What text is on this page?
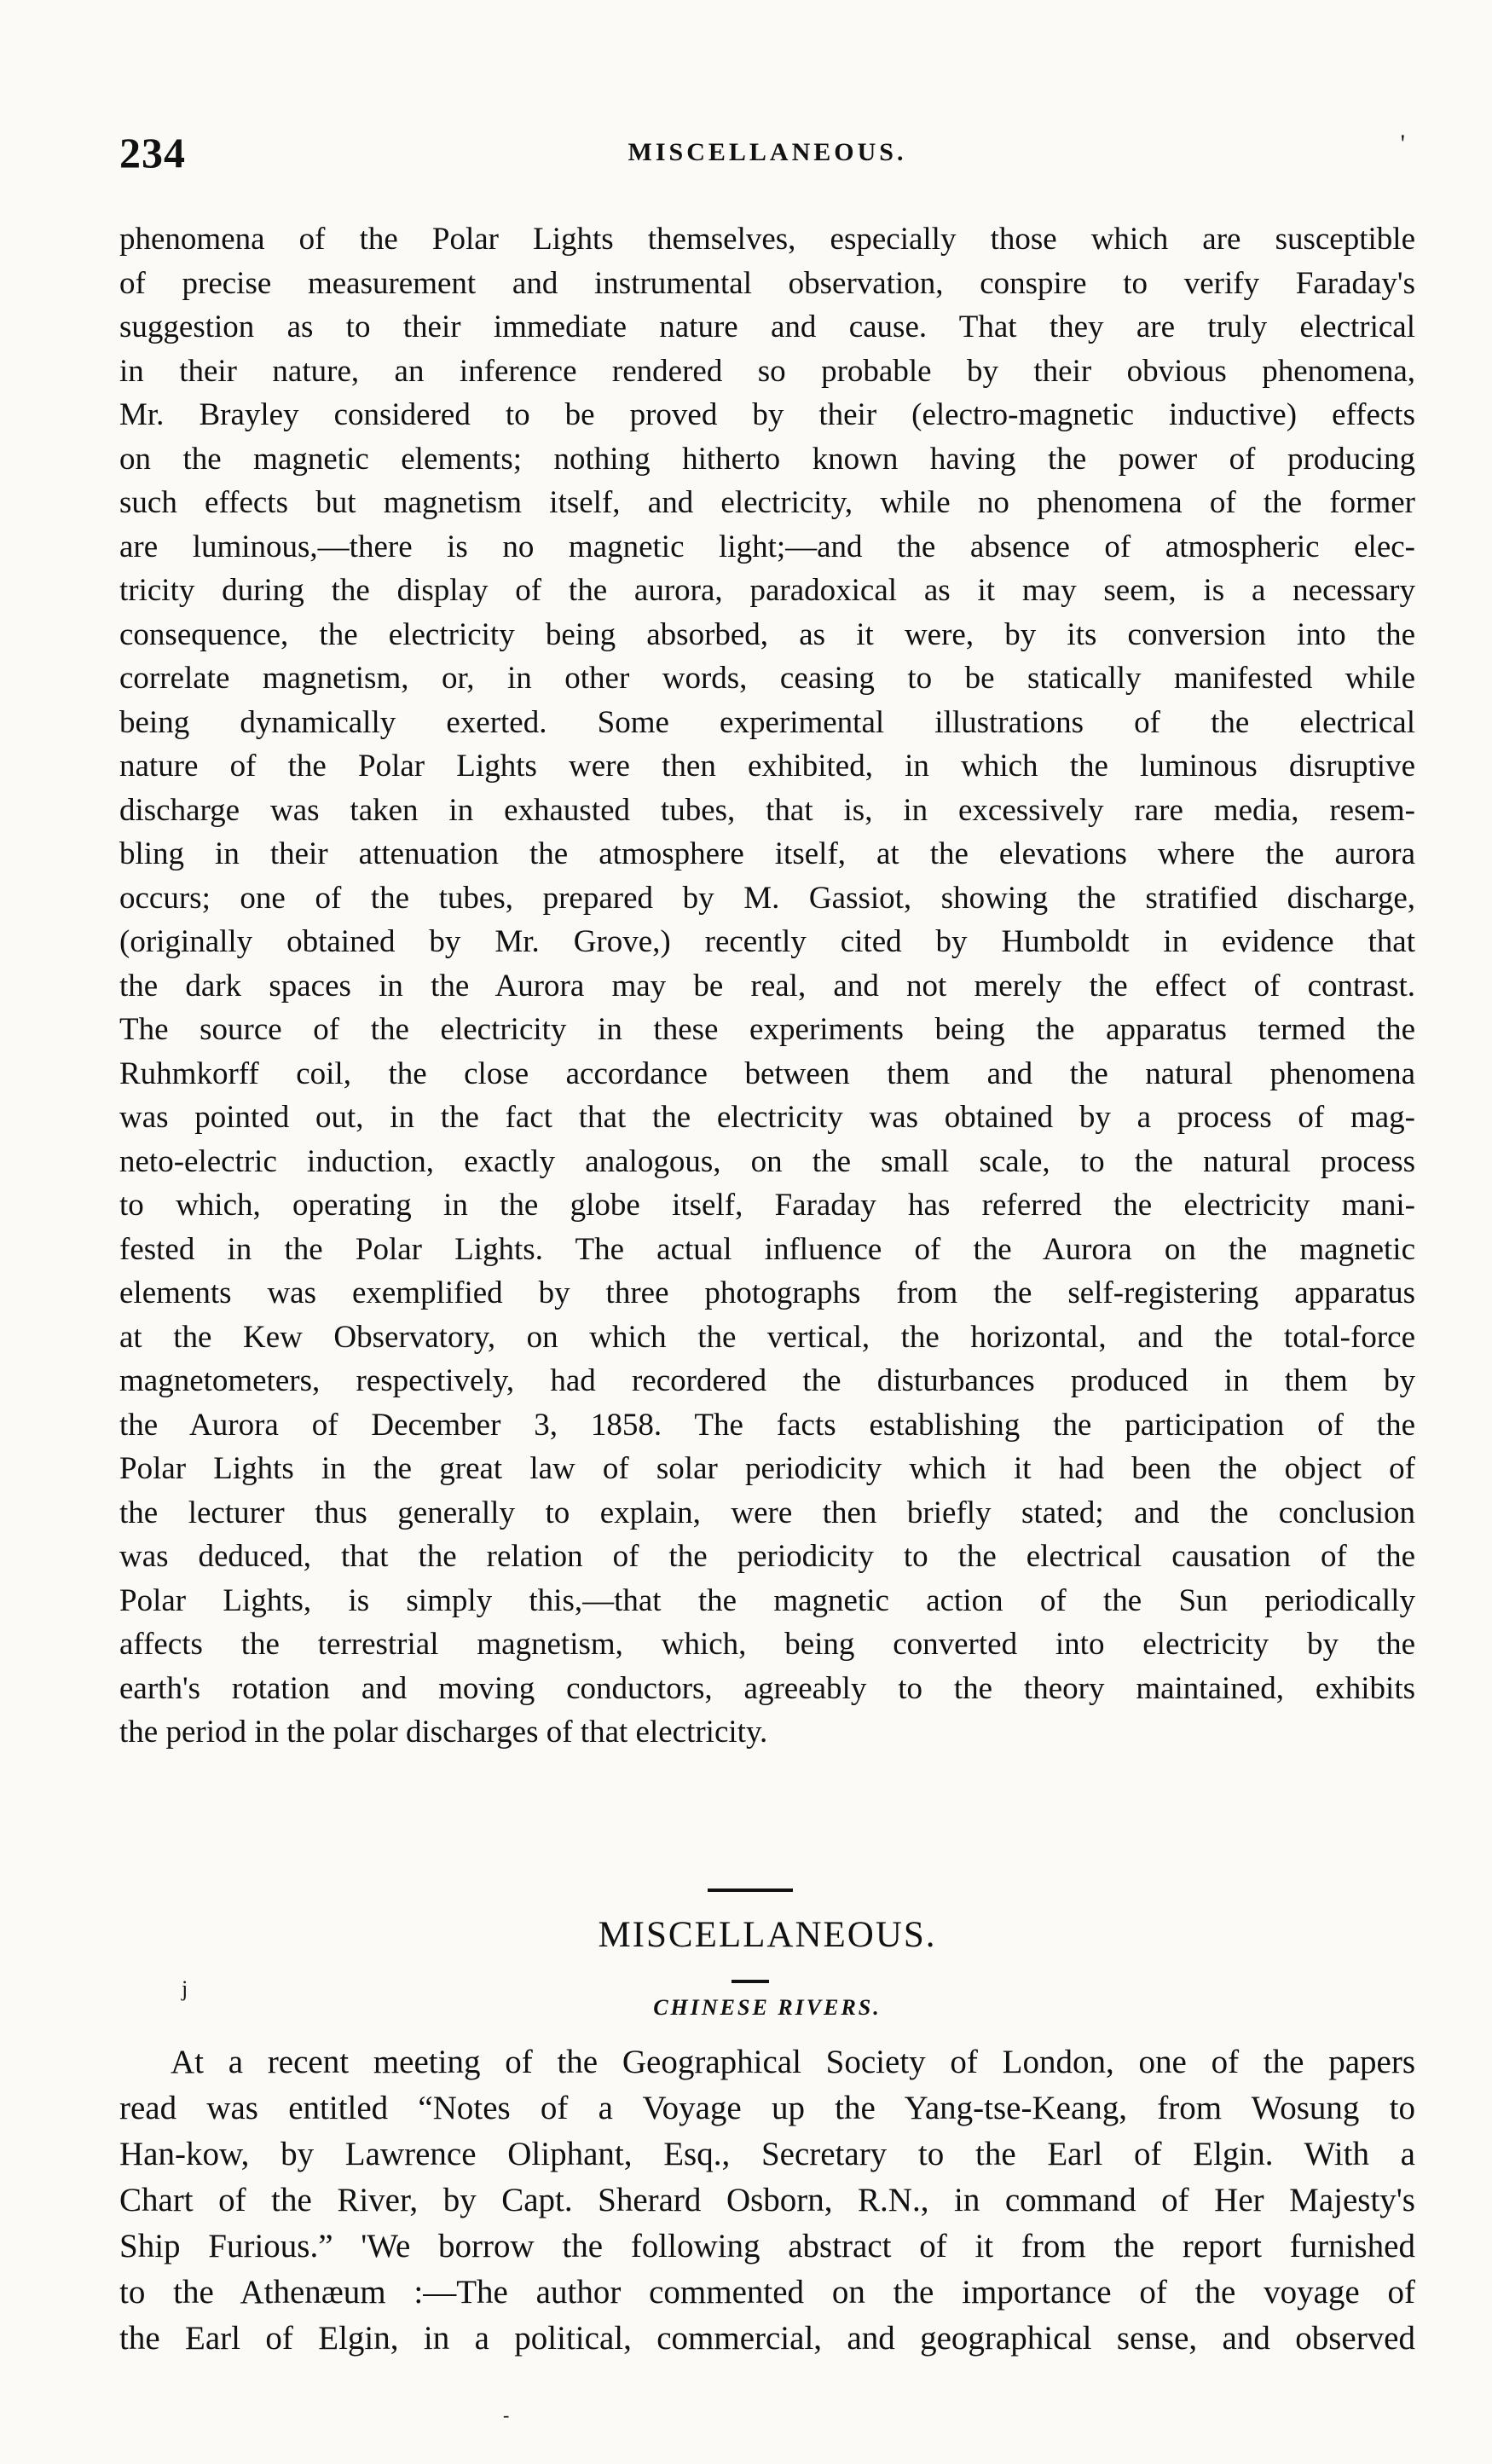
234	MISCELLANEOUS.	'

phenomena of the Polar Lights themselves, especially those which are susceptible

of precise measurement and instrumental observation, conspire to verify Faraday's

suggestion as to their immediate nature and cause. That they are truly electrical

in their nature, an inference rendered so probable by their obvious phenomena,

Mr. Brayley considered to be proved by their (electro-magnetic inductive) effects

on the magnetic elements; nothing hitherto known having the power of producing

such effects but magnetism itself, and electricity, while no phenomena of the former

are luminous,—there is no magnetic light;—and the absence of atmospheric elec-

tricity during the display of the aurora, paradoxical as it may seem, is a necessary

consequence, the electricity being absorbed, as it were, by its conversion into the

correlate magnetism, or, in other words, ceasing to be statically manifested while

being dynamically exerted. Some experimental illustrations of the electrical

nature of the Polar Lights were then exhibited, in which the luminous disruptive

discharge was taken in exhausted tubes, that is, in excessively rare media, resem-

bling in their attenuation the atmosphere itself, at the elevations where the aurora

occurs; one of the tubes, prepared by M. Gassiot, showing the stratified discharge,

(originally obtained by Mr. Grove,) recently cited by Humboldt in evidence that

the dark spaces in the Aurora may be real, and not merely the effect of contrast.

The source of the electricity in these experiments being the apparatus termed the

Ruhmkorff coil, the close accordance between them and the natural phenomena

was pointed out, in the fact that the electricity was obtained by a process of mag-

neto-electric induction, exactly analogous, on the small scale, to the natural process

to which, operating in the globe itself, Faraday has referred the electricity mani-

fested in the Polar Lights. The actual influence of the Aurora on the magnetic

elements was exemplified by three photographs from the self-registering apparatus

at the Kew Observatory, on which the vertical, the horizontal, and the total-force

magnetometers, respectively, had recordered the disturbances produced in them by

the Aurora of December 3, 1858. The facts establishing the participation of the

Polar Lights in the great law of solar periodicity which it had been the object of

the lecturer thus generally to explain, were then briefly stated; and the conclusion

was deduced, that the relation of the periodicity to the electrical causation of the

Polar Lights, is simply this,—that the magnetic action of the Sun periodically

affects the terrestrial magnetism, which, being converted into electricity by the

earth's rotation and moving conductors, agreeably to the theory maintained, exhibits

the period in the polar discharges of that electricity.

MISCELLANEOUS.
j
CHINESE RIVERS.

At a recent meeting of the Geographical Society of London, one of the papers

read was entitled “Notes of a Voyage up the Yang-tse-Keang, from Wosung to

Han-kow, by Lawrence Oliphant, Esq., Secretary to the Earl of Elgin. With a

Chart of the River, by Capt. Sherard Osborn, R.N., in command of Her Majesty's

Ship Furious.” 'We borrow the following abstract of it from the report furnished

to the Athenæum :—The author commented on the importance of the voyage of

the Earl of Elgin, in a political, commercial, and geographical sense, and observed

-
